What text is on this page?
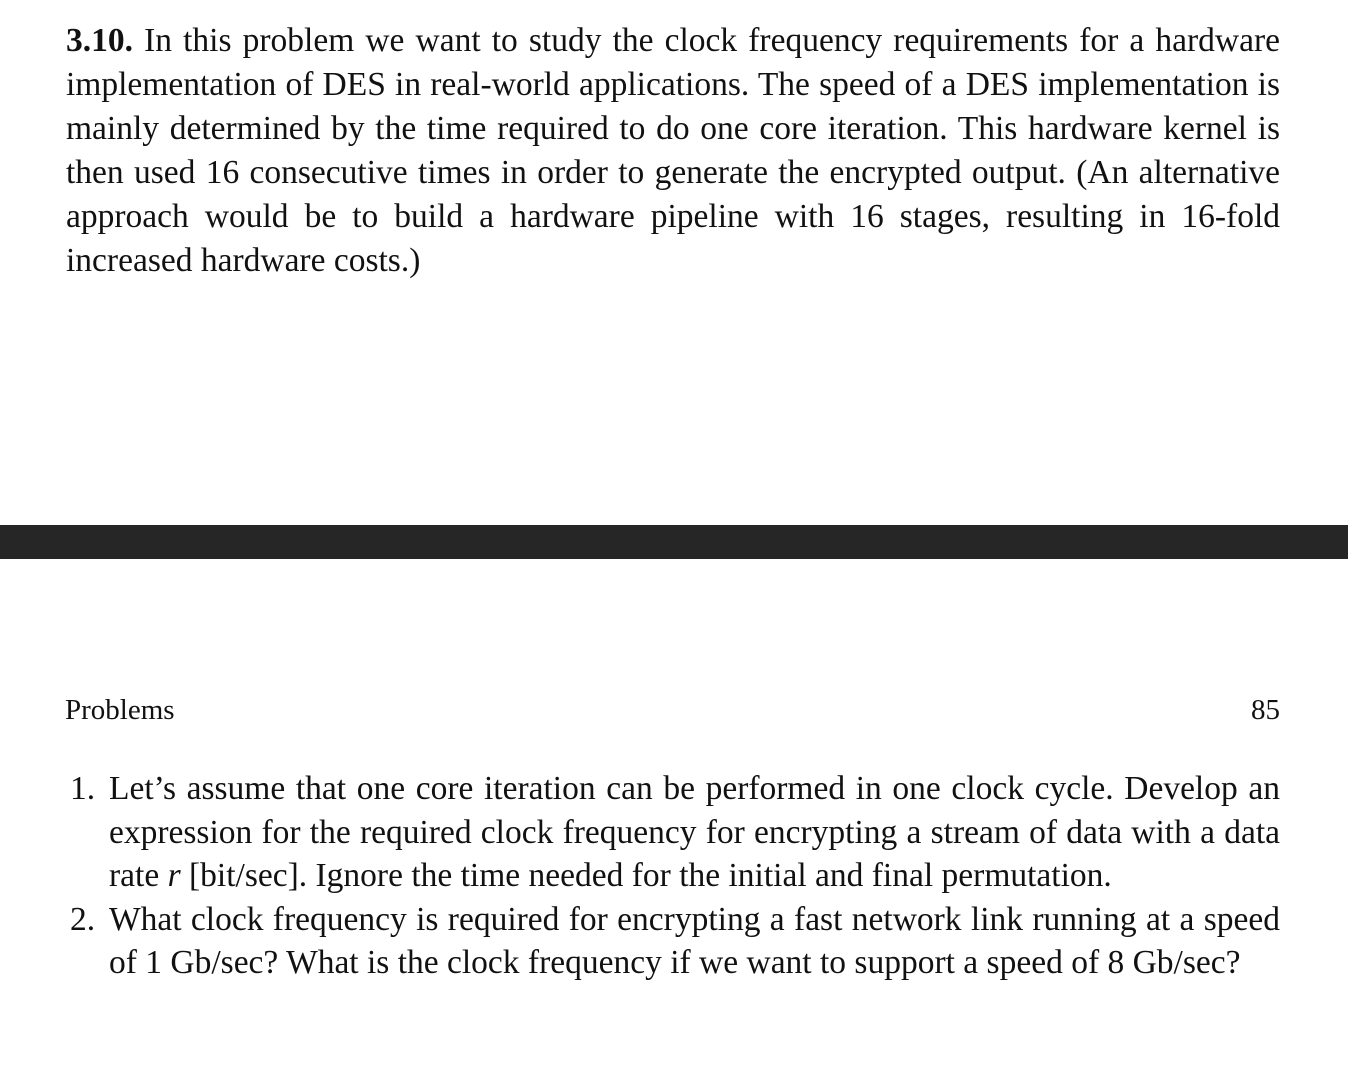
3.10. In this problem we want to study the clock frequency requirements for a hardware implementation of DES in real-world applications. The speed of a DES implementation is mainly determined by the time required to do one core iteration. This hardware kernel is then used 16 consecutive times in order to generate the encrypted output. (An alternative approach would be to build a hardware pipeline with 16 stages, resulting in 16-fold increased hardware costs.)

Problems	85
1. Let’s assume that one core iteration can be performed in one clock cycle. Develop an expression for the required clock frequency for encrypting a stream of data with a data rate r [bit/sec]. Ignore the time needed for the initial and final permutation.
2. What clock frequency is required for encrypting a fast network link running at a speed of 1 Gb/sec? What is the clock frequency if we want to support a speed of 8 Gb/sec?
